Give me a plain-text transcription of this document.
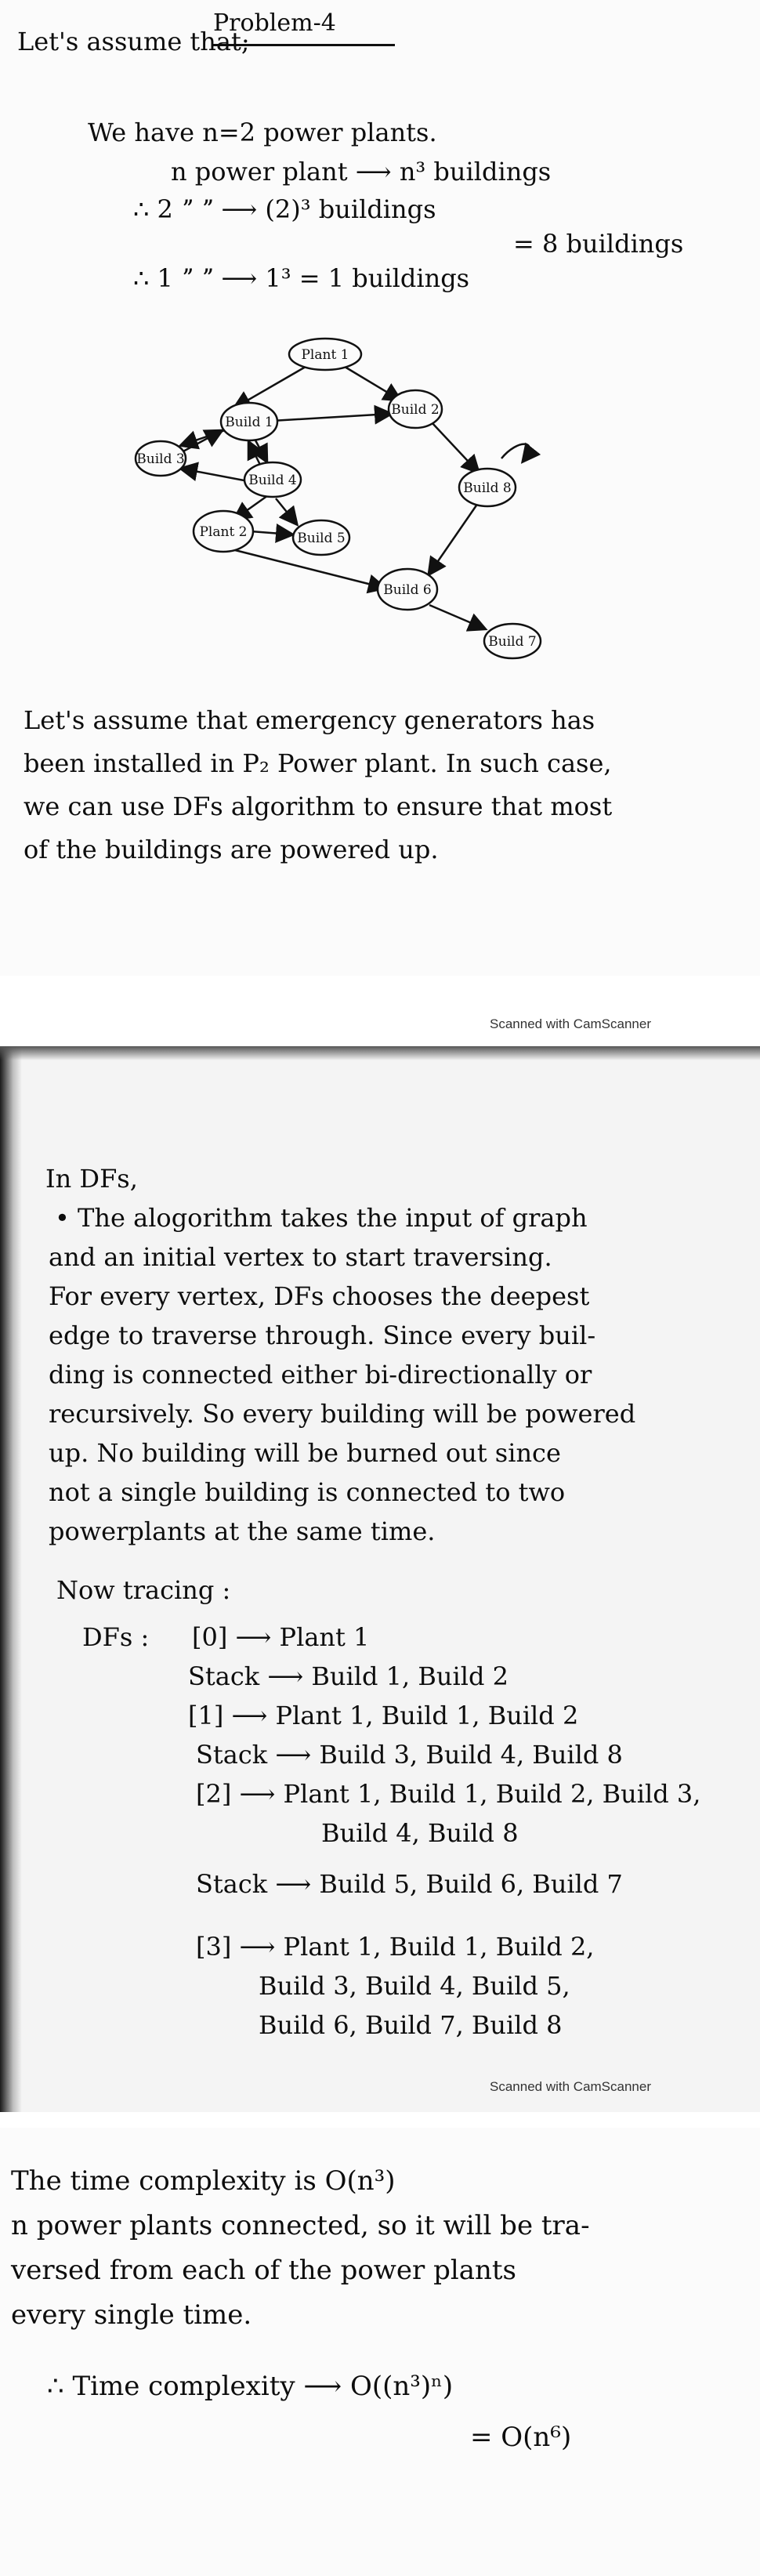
Problem-4
Let's assume that;
We have n=2 power plants.
n power plant ⟶ n³ buildings
∴ 2 ˮ ˮ ⟶ (2)³ buildings
= 8 buildings
∴ 1 ˮ ˮ ⟶ 1³ = 1 buildings
Plant 1
Build 1
Build 2
Build 3
Build 4	Build 8
Plant 2	Build 5
Build 6
Build 7
Let's assume that emergency generators has
been installed in P₂ Power plant. In such case,
we can use DFs algorithm to ensure that most
of the buildings are powered up.
Scanned with CamScanner
In DFs,
• The alogorithm takes the input of graph
and an initial vertex to start traversing.
For every vertex, DFs chooses the deepest
edge to traverse through. Since every buil-
ding is connected either bi-directionally or
recursively. So every building will be powered
up. No building will be burned out since
not a single building is connected to two
powerplants at the same time.
Now tracing :
DFs : [0] ⟶ Plant 1
Stack ⟶ Build 1, Build 2
[1] ⟶ Plant 1, Build 1, Build 2
Stack ⟶ Build 3, Build 4, Build 8
[2] ⟶ Plant 1, Build 1, Build 2, Build 3,
Build 4, Build 8
Stack ⟶ Build 5, Build 6, Build 7
[3] ⟶ Plant 1, Build 1, Build 2,
Build 3, Build 4, Build 5,
Build 6, Build 7, Build 8
Scanned with CamScanner
The time complexity is O(n³)
n power plants connected, so it will be tra-
versed from each of the power plants
every single time.
∴ Time complexity ⟶ O((n³)ⁿ)
= O(n⁶)
